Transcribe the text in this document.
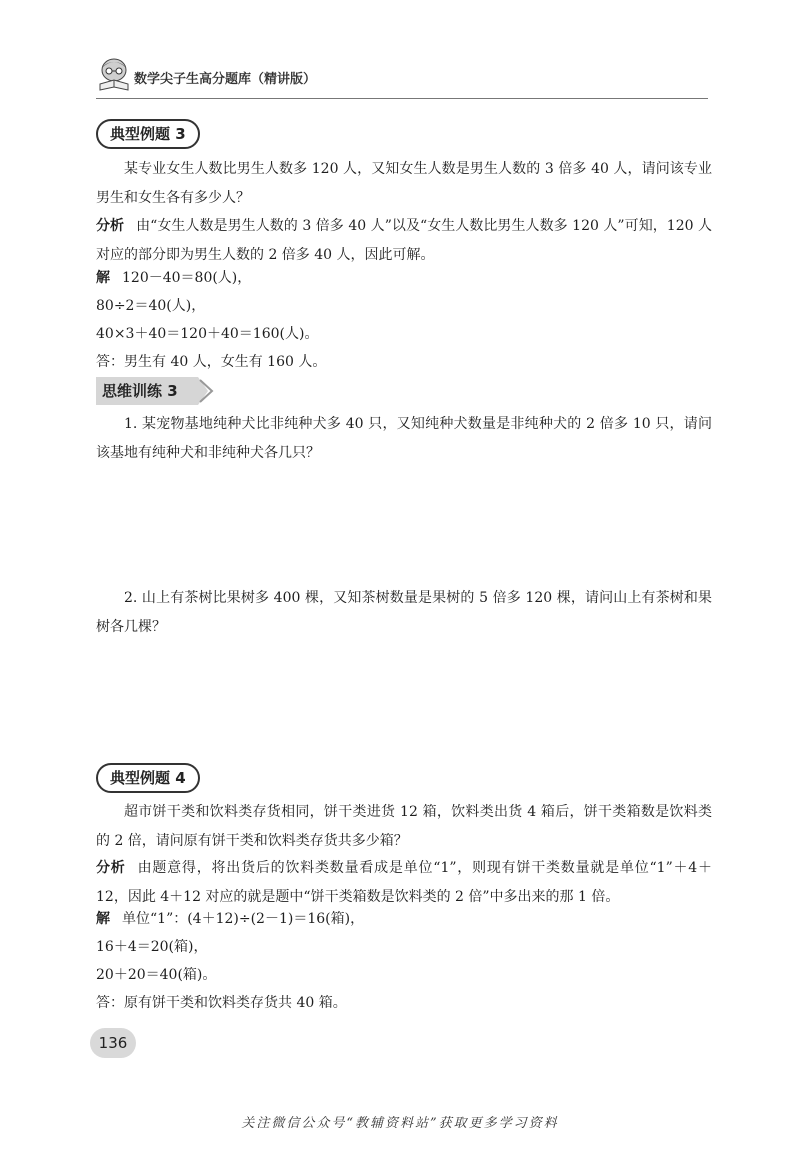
数学尖子生高分题库（精讲版）
典型例题 3

某专业女生人数比男生人数多 120 人，又知女生人数是男生人数的 3 倍多 40 人，请问该专业男生和女生各有多少人？

分析 由“女生人数是男生人数的 3 倍多 40 人”以及“女生人数比男生人数多 120 人”可知，120 人对应的部分即为男生人数的 2 倍多 40 人，因此可解。

解 120－40＝80(人)，
80÷2＝40(人)，
40×3＋40＝120＋40＝160(人)。
答：男生有 40 人，女生有 160 人。
思维训练 3

1. 某宠物基地纯种犬比非纯种犬多 40 只，又知纯种犬数量是非纯种犬的 2 倍多 10 只，请问该基地有纯种犬和非纯种犬各几只？

2. 山上有茶树比果树多 400 棵，又知茶树数量是果树的 5 倍多 120 棵，请问山上有茶树和果树各几棵？

典型例题 4

超市饼干类和饮料类存货相同，饼干类进货 12 箱，饮料类出货 4 箱后，饼干类箱数是饮料类的 2 倍，请问原有饼干类和饮料类存货共多少箱？

分析 由题意得，将出货后的饮料类数量看成是单位“1”，则现有饼干类数量就是单位“1”＋4＋12，因此 4＋12 对应的就是题中“饼干类箱数是饮料类的 2 倍”中多出来的那 1 倍。

解 单位“1”：(4＋12)÷(2－1)＝16(箱)，
16＋4＝20(箱)，
20＋20＝40(箱)。
答：原有饼干类和饮料类存货共 40 箱。
136
关注微信公众号“教辅资料站”获取更多学习资料
